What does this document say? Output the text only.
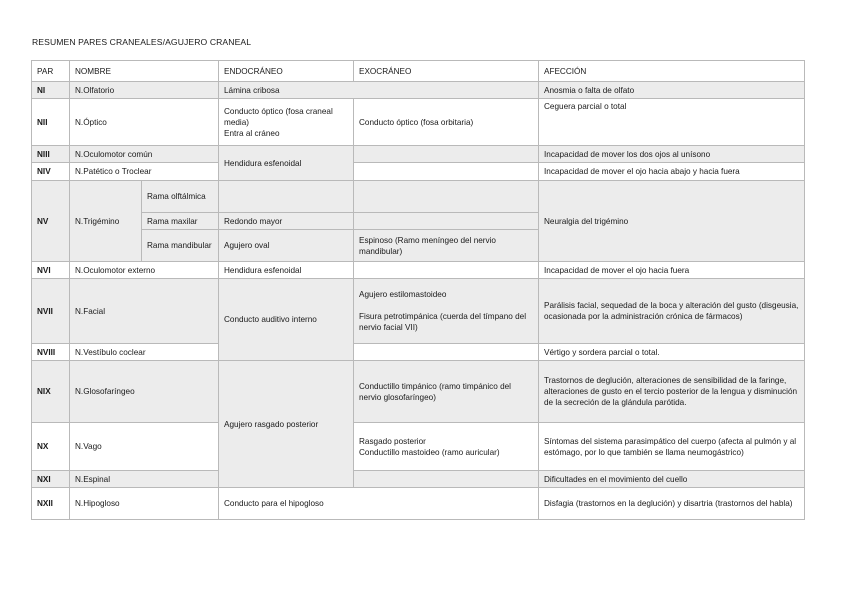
RESUMEN PARES CRANEALES/AGUJERO CRANEAL
PAR	NOMBRE		ENDOCRÁNEO	EXOCRÁNEO	AFECCIÓN
NI	N.Olfatorio		Lámina cribosa		Anosmia o falta de olfato
NII	N.Óptico		Conducto óptico (fosa craneal media)
Entra al cráneo	Conducto óptico (fosa orbitaria)	Ceguera parcial o total
NIII	N.Oculomotor común		Hendidura esfenoidal		Incapacidad de mover los dos ojos al unísono
NIV	N.Patético o Troclear				Incapacidad de mover el ojo hacia abajo y hacia fuera
NV	N.Trigémino	Rama olftálmica			Neuralgia del trigémino
		Rama maxilar	Redondo mayor		
		Rama mandibular	Agujero oval	Espinoso (Ramo meníngeo del nervio mandibular)	
NVI	N.Oculomotor externo		Hendidura esfenoidal		Incapacidad de mover el ojo hacia fuera
NVII	N.Facial		Conducto auditivo interno	Agujero estilomastoideo
Fisura petrotimpánica (cuerda del tímpano del nervio facial VII)	Parálisis facial, sequedad de la boca y alteración del gusto (disgeusia, ocasionada por la administración crónica de fármacos)
NVIII	N.Vestíbulo coclear				Vértigo y sordera parcial o total.
NIX	N.Glosofaríngeo		Agujero rasgado posterior	Conductillo timpánico (ramo timpánico del nervio glosofaríngeo)	Trastornos de deglución, alteraciones de sensibilidad de la faringe, alteraciones de gusto en el tercio posterior de la lengua y disminución de la secreción de la glándula parótida.
NX	N.Vago			Rasgado posterior
Conductillo mastoideo (ramo auricular)	Síntomas del sistema parasimpático del cuerpo (afecta al pulmón y al estómago, por lo que también se llama neumogástrico)
NXI	N.Espinal				Dificultades en el movimiento del cuello
NXII	N.Hipogloso		Conducto para el hipogloso		Disfagia (trastornos en la deglución) y disartria (trastornos del habla)
